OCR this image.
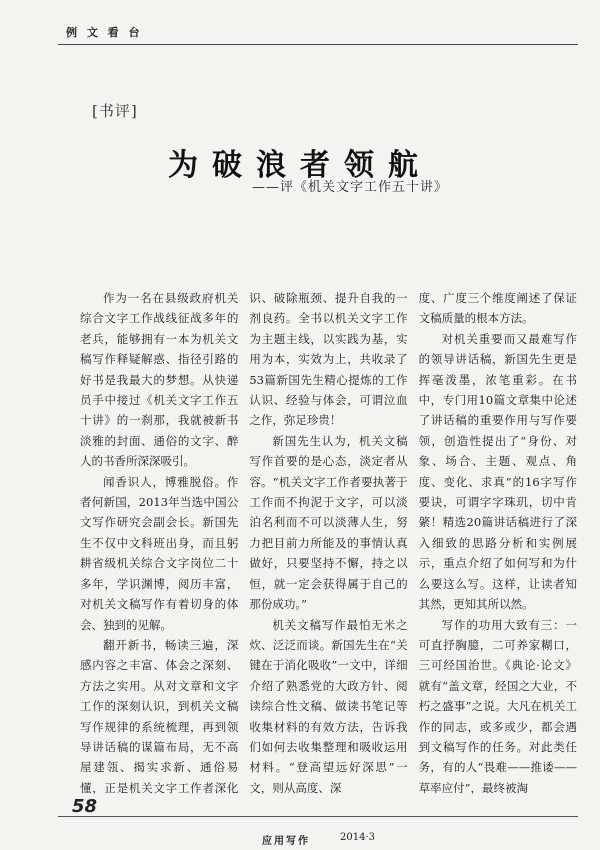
例 文 看 台
[书评]
为破浪者领航
——评《机关文字工作五十讲》

作为一名在县级政府机关综合文字工作战线征战多年的老兵，能够拥有一本为机关文稿写作释疑解惑、指径引路的好书是我最大的梦想。从快递员手中接过《机关文字工作五十讲》的一刹那，我就被新书淡雅的封面、通俗的文字、醉人的书香所深深吸引。

闻香识人，博雅脱俗。作者何新国，2013年当选中国公文写作研究会副会长。新国先生不仅中文科班出身，而且躬耕省级机关综合文字岗位二十多年，学识渊博，阅历丰富，对机关文稿写作有着切身的体会、独到的见解。

翻开新书，畅读三遍，深感内容之丰富、体会之深刻、方法之实用。从对文章和文字工作的深刻认识，到机关文稿写作规律的系统梳理，再到领导讲话稿的谋篇布局，无不高屋建瓴、揭实求新、通俗易懂，正是机关文字工作者深化

识、破除瓶颈、提升自我的一剂良药。全书以机关文字工作为主题主线，以实践为基，实用为本，实效为上，共收录了53篇新国先生精心提炼的工作认识、经验与体会，可谓泣血之作，弥足珍贵！

新国先生认为，机关文稿写作首要的是心态，淡定者从容。“机关文字工作者要执著于工作而不拘泥于文字，可以淡泊名利而不可以淡薄人生，努力把目前力所能及的事情认真做好，只要坚持不懈，持之以恒，就一定会获得属于自己的那份成功。”

机关文稿写作最怕无米之炊、泛泛而谈。新国先生在“关键在于消化吸收”一文中，详细介绍了熟悉党的大政方针、阅读综合性文稿、做读书笔记等收集材料的有效方法，告诉我们如何去收集整理和吸收运用材料。“登高望远好深思”一文，则从高度、深

度、广度三个维度阐述了保证文稿质量的根本方法。

对机关重要而又最难写作的领导讲话稿，新国先生更是挥毫泼墨，浓笔重彩。在书中，专门用10篇文章集中论述了讲话稿的重要作用与写作要领，创造性提出了“身份、对象、场合、主题、观点、角度、变化、求真”的16字写作要诀，可谓字字珠玑，切中肯綮！精选20篇讲话稿进行了深入细致的思路分析和实例展示，重点介绍了如何写和为什么要这么写。这样，让读者知其然，更知其所以然。

写作的功用大致有三：一可直抒胸臆，二可养家糊口，三可经国治世。《典论·论文》就有“盖文章，经国之大业，不朽之盛事”之说。大凡在机关工作的同志，或多或少，都会遇到文稿写作的任务。对此类任务，有的人“畏难——推诿——草率应付”，最终被淘

58
应用写作	2014·3
